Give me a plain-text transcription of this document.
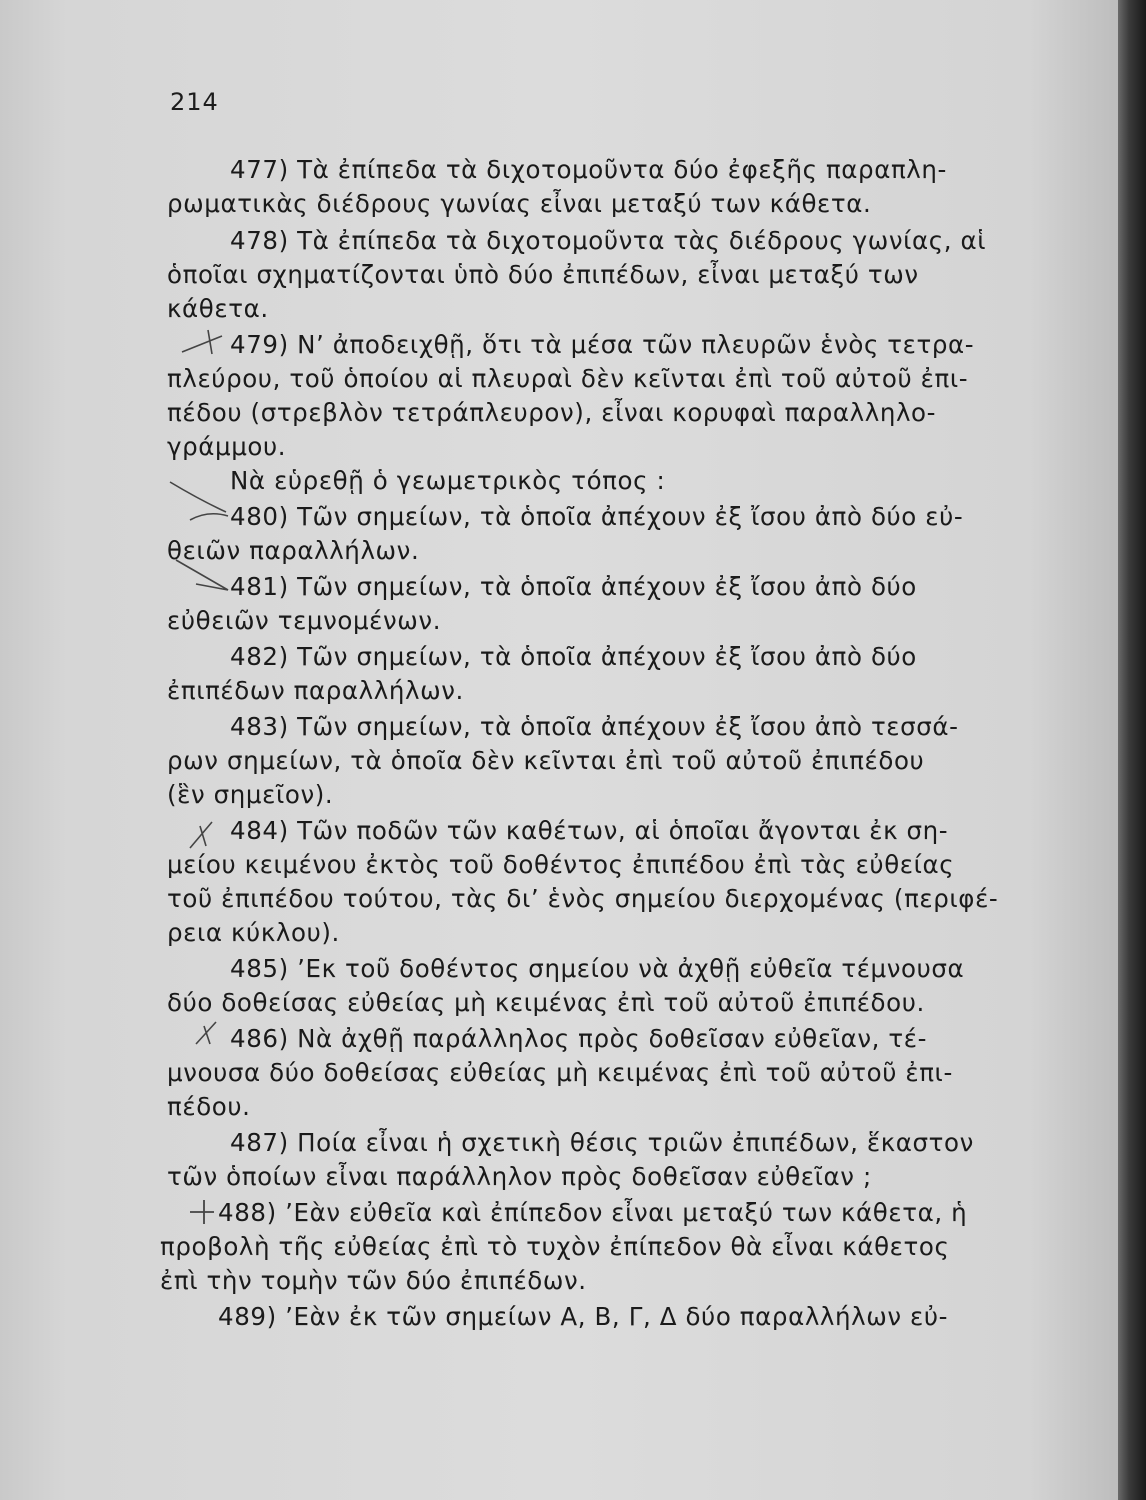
214
477) Τὰ ἐπίπεδα τὰ διχοτομοῦντα δύο ἐφεξῆς παραπλη-
ρωματικὰς διέδρους γωνίας εἶναι μεταξύ των κάθετα.
478) Τὰ ἐπίπεδα τὰ διχοτομοῦντα τὰς διέδρους γωνίας, αἱ
ὁποῖαι σχηματίζονται ὑπὸ δύο ἐπιπέδων, εἶναι μεταξύ των
κάθετα.
479) Ν’ ἀποδειχθῇ, ὅτι τὰ μέσα τῶν πλευρῶν ἑνὸς τετρα-
πλεύρου, τοῦ ὁποίου αἱ πλευραὶ δὲν κεῖνται ἐπὶ τοῦ αὐτοῦ ἐπι-
πέδου (στρεβλὸν τετράπλευρον), εἶναι κορυφαὶ παραλληλο-
γράμμου.
Νὰ εὑρεθῇ ὁ γεωμετρικὸς τόπος :
480) Τῶν σημείων, τὰ ὁποῖα ἀπέχουν ἐξ ἴσου ἀπὸ δύο εὐ-
θειῶν παραλλήλων.
481) Τῶν σημείων, τὰ ὁποῖα ἀπέχουν ἐξ ἴσου ἀπὸ δύο
εὐθειῶν τεμνομένων.
482) Τῶν σημείων, τὰ ὁποῖα ἀπέχουν ἐξ ἴσου ἀπὸ δύο
ἐπιπέδων παραλλήλων.
483) Τῶν σημείων, τὰ ὁποῖα ἀπέχουν ἐξ ἴσου ἀπὸ τεσσά-
ρων σημείων, τὰ ὁποῖα δὲν κεῖνται ἐπὶ τοῦ αὐτοῦ ἐπιπέδου
(ἓν σημεῖον).
484) Τῶν ποδῶν τῶν καθέτων, αἱ ὁποῖαι ἄγονται ἐκ ση-
μείου κειμένου ἐκτὸς τοῦ δοθέντος ἐπιπέδου ἐπὶ τὰς εὐθείας
τοῦ ἐπιπέδου τούτου, τὰς δι’ ἑνὸς σημείου διερχομένας (περιφέ-
ρεια κύκλου).
485) ’Εκ τοῦ δοθέντος σημείου νὰ ἀχθῇ εὐθεῖα τέμνουσα
δύο δοθείσας εὐθείας μὴ κειμένας ἐπὶ τοῦ αὐτοῦ ἐπιπέδου.
486) Νὰ ἀχθῇ παράλληλος πρὸς δοθεῖσαν εὐθεῖαν, τέ-
μνουσα δύο δοθείσας εὐθείας μὴ κειμένας ἐπὶ τοῦ αὐτοῦ ἐπι-
πέδου.
487) Ποία εἶναι ἡ σχετικὴ θέσις τριῶν ἐπιπέδων, ἕκαστον
τῶν ὁποίων εἶναι παράλληλον πρὸς δοθεῖσαν εὐθεῖαν ;
488) ’Εὰν εὐθεῖα καὶ ἐπίπεδον εἶναι μεταξύ των κάθετα, ἡ
προβολὴ τῆς εὐθείας ἐπὶ τὸ τυχὸν ἐπίπεδον θὰ εἶναι κάθετος
ἐπὶ τὴν τομὴν τῶν δύο ἐπιπέδων.
489) ’Εὰν ἐκ τῶν σημείων Α, Β, Γ, Δ δύο παραλλήλων εὐ-
